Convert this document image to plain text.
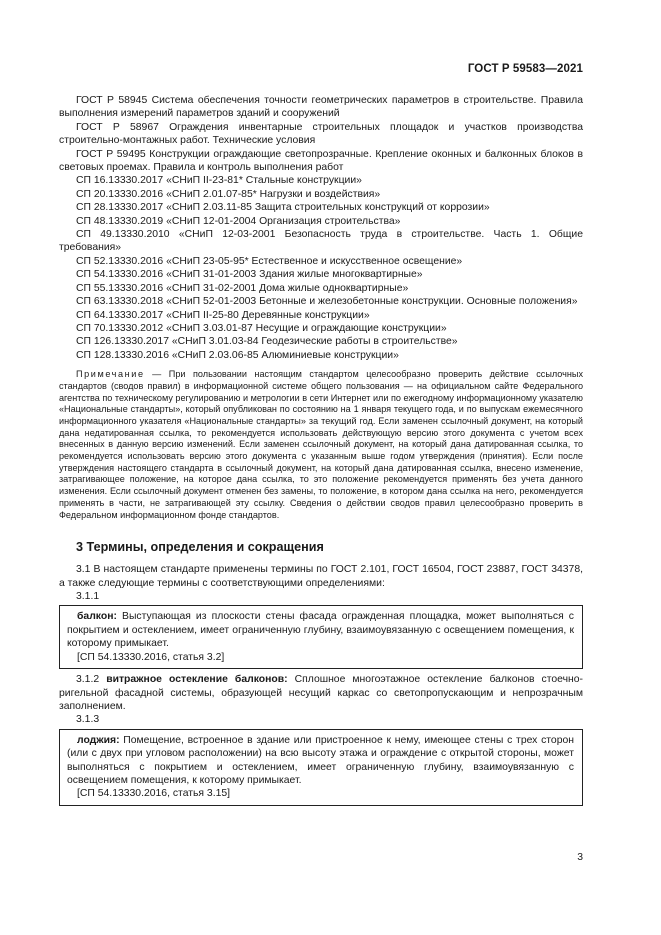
ГОСТ Р 59583—2021

ГОСТ Р 58945 Система обеспечения точности геометрических параметров в строительстве. Правила выполнения измерений параметров зданий и сооружений

ГОСТ Р 58967 Ограждения инвентарные строительных площадок и участков производства строительно-монтажных работ. Технические условия

ГОСТ Р 59495 Конструкции ограждающие светопрозрачные. Крепление оконных и балконных блоков в световых проемах. Правила и контроль выполнения работ

СП 16.13330.2017 «СНиП II-23-81* Стальные конструкции»

СП 20.13330.2016 «СНиП 2.01.07-85* Нагрузки и воздействия»

СП 28.13330.2017 «СНиП 2.03.11-85 Защита строительных конструкций от коррозии»

СП 48.13330.2019 «СНиП 12-01-2004 Организация строительства»

СП 49.13330.2010 «СНиП 12-03-2001 Безопасность труда в строительстве. Часть 1. Общие требования»

СП 52.13330.2016 «СНиП 23-05-95* Естественное и искусственное освещение»

СП 54.13330.2016 «СНиП 31-01-2003 Здания жилые многоквартирные»

СП 55.13330.2016 «СНиП 31-02-2001 Дома жилые одноквартирные»

СП 63.13330.2018 «СНиП 52-01-2003 Бетонные и железобетонные конструкции. Основные положения»

СП 64.13330.2017 «СНиП II-25-80 Деревянные конструкции»

СП 70.13330.2012 «СНиП 3.03.01-87 Несущие и ограждающие конструкции»

СП 126.13330.2017 «СНиП 3.01.03-84 Геодезические работы в строительстве»

СП 128.13330.2016 «СНиП 2.03.06-85 Алюминиевые конструкции»

Примечание — При пользовании настоящим стандартом целесообразно проверить действие ссылочных стандартов (сводов правил) в информационной системе общего пользования — на официальном сайте Федерального агентства по техническому регулированию и метрологии в сети Интернет или по ежегодному информационному указателю «Национальные стандарты», который опубликован по состоянию на 1 января текущего года, и по выпускам ежемесячного информационного указателя «Национальные стандарты» за текущий год. Если заменен ссылочный документ, на который дана недатированная ссылка, то рекомендуется использовать действующую версию этого документа с учетом всех внесенных в данную версию изменений. Если заменен ссылочный документ, на который дана датированная ссылка, то рекомендуется использовать версию этого документа с указанным выше годом утверждения (принятия). Если после утверждения настоящего стандарта в ссылочный документ, на который дана датированная ссылка, внесено изменение, затрагивающее положение, на которое дана ссылка, то это положение рекомендуется применять без учета данного изменения. Если ссылочный документ отменен без замены, то положение, в котором дана ссылка на него, рекомендуется применять в части, не затрагивающей эту ссылку. Сведения о действии сводов правил целесообразно проверить в Федеральном информационном фонде стандартов.

3 Термины, определения и сокращения

3.1 В настоящем стандарте применены термины по ГОСТ 2.101, ГОСТ 16504, ГОСТ 23887, ГОСТ 34378, а также следующие термины с соответствующими определениями:

3.1.1

балкон: Выступающая из плоскости стены фасада огражденная площадка, может выполняться с покрытием и остеклением, имеет ограниченную глубину, взаимоувязанную с освещением помещения, к которому примыкает.

[СП 54.13330.2016, статья 3.2]

3.1.2 витражное остекление балконов: Сплошное многоэтажное остекление балконов стоечно-ригельной фасадной системы, образующей несущий каркас со светопропускающим и непрозрачным заполнением.

3.1.3

лоджия: Помещение, встроенное в здание или пристроенное к нему, имеющее стены с трех сторон (или с двух при угловом расположении) на всю высоту этажа и ограждение с открытой стороны, может выполняться с покрытием и остеклением, имеет ограниченную глубину, взаимоувязанную с освещением помещения, к которому примыкает.

[СП 54.13330.2016, статья 3.15]

3
